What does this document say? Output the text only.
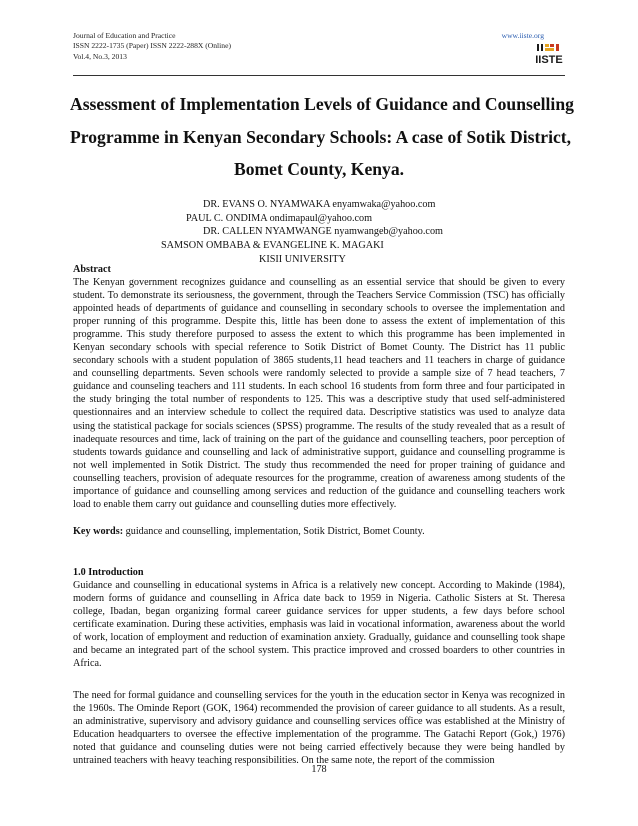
Journal of Education and Practice
ISSN 2222-1735 (Paper) ISSN 2222-288X (Online)
Vol.4, No.3, 2013
www.iiste.org
IISTE
Assessment of Implementation Levels of Guidance and Counselling
Programme in Kenyan Secondary Schools: A case of Sotik District,
Bomet County, Kenya.
DR. EVANS O. NYAMWAKA enyamwaka@yahoo.com
PAUL C. ONDIMA ondimapaul@yahoo.com
DR. CALLEN NYAMWANGE nyamwangeb@yahoo.com
SAMSON OMBABA & EVANGELINE K. MAGAKI
KISII UNIVERSITY
Abstract

The Kenyan government recognizes guidance and counselling as an essential service that should be given to every student. To demonstrate its seriousness, the government, through the Teachers Service Commission (TSC) has officially appointed heads of departments of guidance and counselling in secondary schools to oversee the implementation and proper running of this programme. Despite this, little has been done to assess the extent of implementation of this programme. This study therefore purposed to assess the extent to which this programme has been implemented in Kenyan secondary schools with special reference to Sotik District of Bomet County. The District has 11 public secondary schools with a student population of 3865 students,11 head teachers and 11 teachers in charge of guidance and counselling departments. Seven schools were randomly selected to provide a sample size of 7 head teachers, 7 guidance and counseling teachers and 111 students. In each school 16 students from form three and four participated in the study bringing the total number of respondents to 125. This was a descriptive study that used self-administered questionnaires and an interview schedule to collect the required data. Descriptive statistics was used to analyze data using the statistical package for socials sciences (SPSS) programme. The results of the study revealed that as a result of inadequate resources and time, lack of training on the part of the guidance and counselling teachers, poor perception of students towards guidance and counselling and lack of administrative support, guidance and counselling programme is not well implemented in Sotik District. The study thus recommended the need for proper training of guidance and counselling teachers, provision of adequate resources for the programme, creation of awareness among students of the importance of guidance and counselling among services and reduction of the guidance and counselling teachers work load to enable them carry out guidance and counselling duties more effectively.

Key words: guidance and counselling, implementation, Sotik District, Bomet County.
1.0 Introduction

Guidance and counselling in educational systems in Africa is a relatively new concept. According to Makinde (1984), modern forms of guidance and counselling in Africa date back to 1959 in Nigeria. Catholic Sisters at St. Theresa college, Ibadan, began organizing formal career guidance services for upper students, a few days before school certificate examination. During these activities, emphasis was laid in vocational information, awareness about the world of work, location of employment and reduction of examination anxiety. Gradually, guidance and counselling took shape and became an integrated part of the school system. This practice improved and crossed boarders to other countries in Africa.

The need for formal guidance and counselling services for the youth in the education sector in Kenya was recognized in the 1960s. The Ominde Report (GOK, 1964) recommended the provision of career guidance to all students. As a result, an administrative, supervisory and advisory guidance and counselling services office was established at the Ministry of Education headquarters to oversee the effective implementation of the programme. The Gatachi Report (Gok,) 1976) noted that guidance and counseling duties were not being carried effectively because they were being handled by untrained teachers with heavy teaching responsibilities. On the same note, the report of the commission

178
